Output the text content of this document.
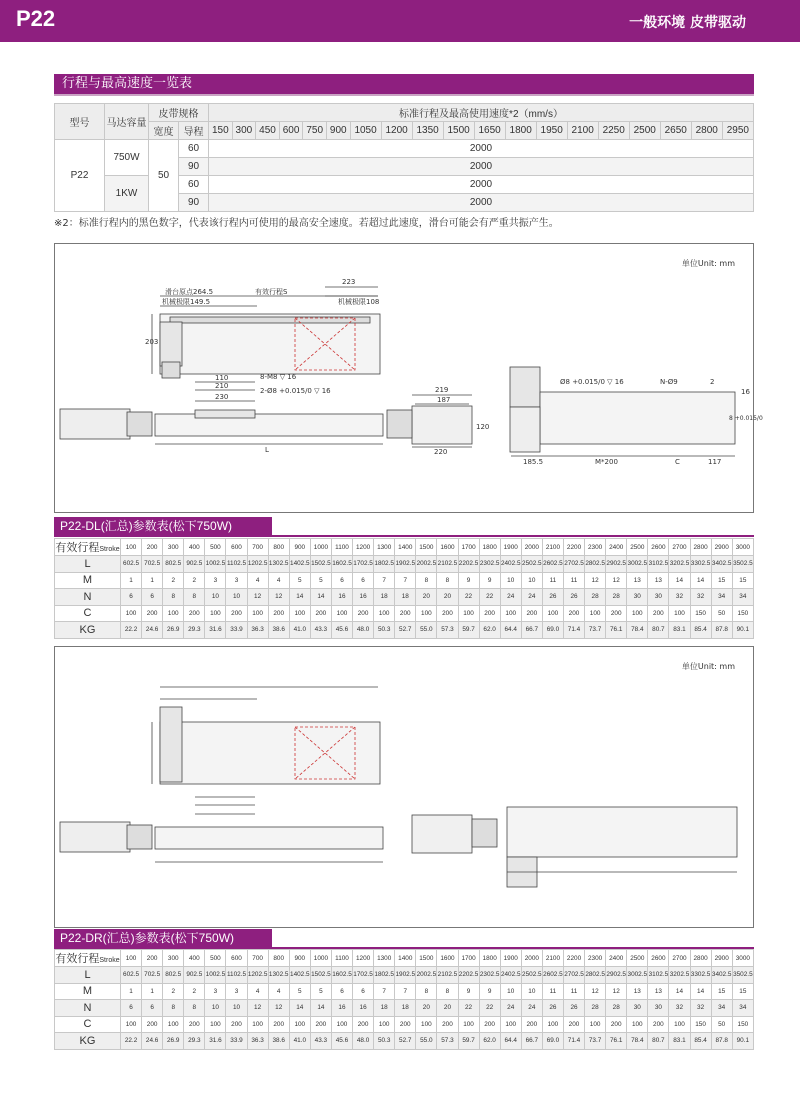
P22	一般环境 皮带驱动
行程与最高速度一览表
型号	马达容量	皮带规格		标准行程及最高使用速度*2（mm/s）																		
		宽度	导程	150	300	450	600	750	900	1050	1200	1350	1500	1650	1800	1950	2100	2250	2500	2650	2800	2950
P22	750W	50	60	2000																		
			90	2000																		
	1KW		60	2000																		
			90	2000																		
※2：标准行程内的黑色数字，代表该行程内可使用的最高安全速度。若超过此速度，滑台可能会有严重共振产生。
单位Unit: mm
滑台原点264.5	有效行程S
223
机械极限149.5	机械极限108
203
110
210
230
8-M8 ▽ 16
2-Ø8 +0.015/0 ▽ 16
L
219
187
220
120
Ø8 +0.015/0 ▽ 16	N-Ø9	2
16
8 +0.015/0
185.5	M*200	C	117
P22-DL(汇总)参数表(松下750W)
有效行程Stroke	100	200	300	400	500	600	700	800	900	1000	1100	1200	1300	1400	1500	1600	1700	1800	1900	2000	2100	2200	2300	2400	2500	2600	2700	2800	2900	3000
L	602.5	702.5	802.5	902.5	1002.5	1102.5	1202.5	1302.5	1402.5	1502.5	1602.5	1702.5	1802.5	1902.5	2002.5	2102.5	2202.5	2302.5	2402.5	2502.5	2602.5	2702.5	2802.5	2902.5	3002.5	3102.5	3202.5	3302.5	3402.5	3502.5
M	1	1	2	2	3	3	4	4	5	5	6	6	7	7	8	8	9	9	10	10	11	11	12	12	13	13	14	14	15	15
N	6	6	8	8	10	10	12	12	14	14	16	16	18	18	20	20	22	22	24	24	26	26	28	28	30	30	32	32	34	34
C	100	200	100	200	100	200	100	200	100	200	100	200	100	200	100	200	100	200	100	200	100	200	100	200	100	200	100	150	50	150
KG	22.2	24.6	26.9	29.3	31.6	33.9	36.3	38.6	41.0	43.3	45.6	48.0	50.3	52.7	55.0	57.3	59.7	62.0	64.4	66.7	69.0	71.4	73.7	76.1	78.4	80.7	83.1	85.4	87.8	90.1
单位Unit: mm
P22-DR(汇总)参数表(松下750W)
有效行程Stroke	100	200	300	400	500	600	700	800	900	1000	1100	1200	1300	1400	1500	1600	1700	1800	1900	2000	2100	2200	2300	2400	2500	2600	2700	2800	2900	3000
L	602.5	702.5	802.5	902.5	1002.5	1102.5	1202.5	1302.5	1402.5	1502.5	1602.5	1702.5	1802.5	1902.5	2002.5	2102.5	2202.5	2302.5	2402.5	2502.5	2602.5	2702.5	2802.5	2902.5	3002.5	3102.5	3202.5	3302.5	3402.5	3502.5
M	1	1	2	2	3	3	4	4	5	5	6	6	7	7	8	8	9	9	10	10	11	11	12	12	13	13	14	14	15	15
N	6	6	8	8	10	10	12	12	14	14	16	16	18	18	20	20	22	22	24	24	26	26	28	28	30	30	32	32	34	34
C	100	200	100	200	100	200	100	200	100	200	100	200	100	200	100	200	100	200	100	200	100	200	100	200	100	200	100	150	50	150
KG	22.2	24.6	26.9	29.3	31.6	33.9	36.3	38.6	41.0	43.3	45.6	48.0	50.3	52.7	55.0	57.3	59.7	62.0	64.4	66.7	69.0	71.4	73.7	76.1	78.4	80.7	83.1	85.4	87.8	90.1
